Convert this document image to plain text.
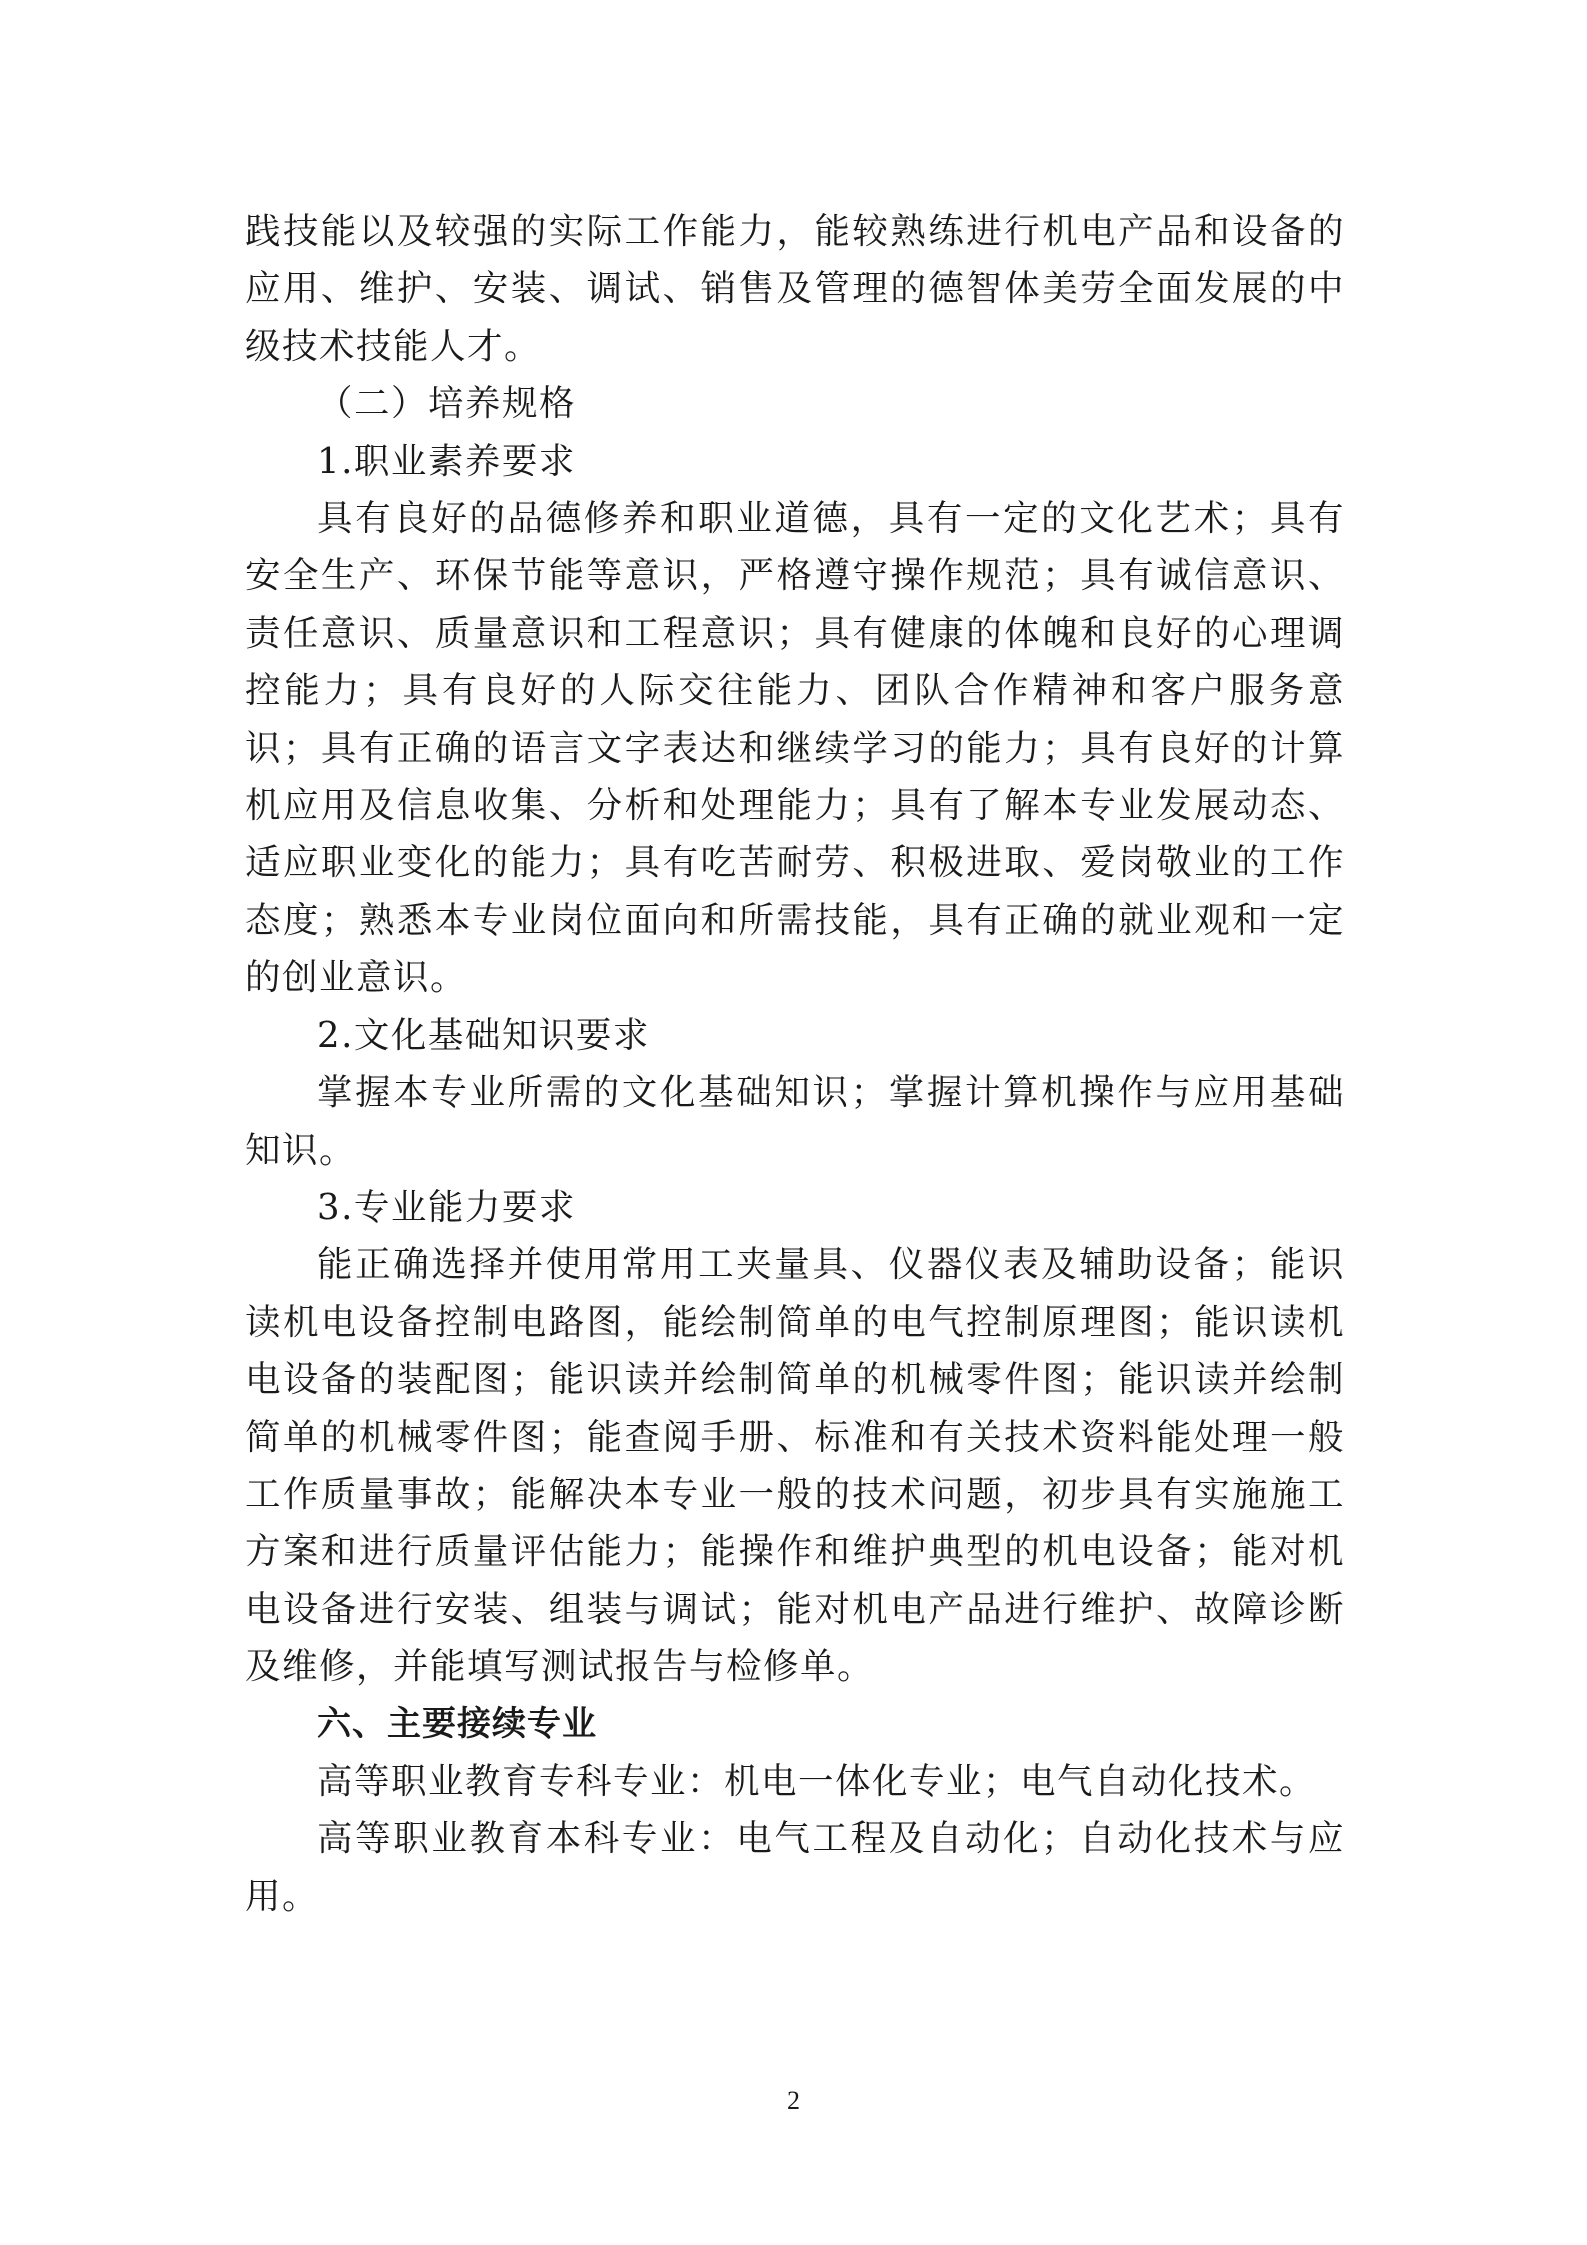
践技能以及较强的实际工作能力，能较熟练进行机电产品和设备的应用、维护、安装、调试、销售及管理的德智体美劳全面发展的中级技术技能人才。

（二）培养规格

1.职业素养要求

具有良好的品德修养和职业道德，具有一定的文化艺术；具有安全生产、环保节能等意识，严格遵守操作规范；具有诚信意识、责任意识、质量意识和工程意识；具有健康的体魄和良好的心理调控能力；具有良好的人际交往能力、团队合作精神和客户服务意识；具有正确的语言文字表达和继续学习的能力；具有良好的计算机应用及信息收集、分析和处理能力；具有了解本专业发展动态、适应职业变化的能力；具有吃苦耐劳、积极进取、爱岗敬业的工作态度；熟悉本专业岗位面向和所需技能，具有正确的就业观和一定的创业意识。

2.文化基础知识要求

掌握本专业所需的文化基础知识；掌握计算机操作与应用基础知识。

3.专业能力要求

能正确选择并使用常用工夹量具、仪器仪表及辅助设备；能识读机电设备控制电路图，能绘制简单的电气控制原理图；能识读机电设备的装配图；能识读并绘制简单的机械零件图；能识读并绘制简单的机械零件图；能查阅手册、标准和有关技术资料能处理一般工作质量事故；能解决本专业一般的技术问题，初步具有实施施工方案和进行质量评估能力；能操作和维护典型的机电设备；能对机电设备进行安装、组装与调试；能对机电产品进行维护、故障诊断及维修，并能填写测试报告与检修单。

六、主要接续专业

高等职业教育专科专业：机电一体化专业；电气自动化技术。

高等职业教育本科专业：电气工程及自动化；自动化技术与应用。

2
